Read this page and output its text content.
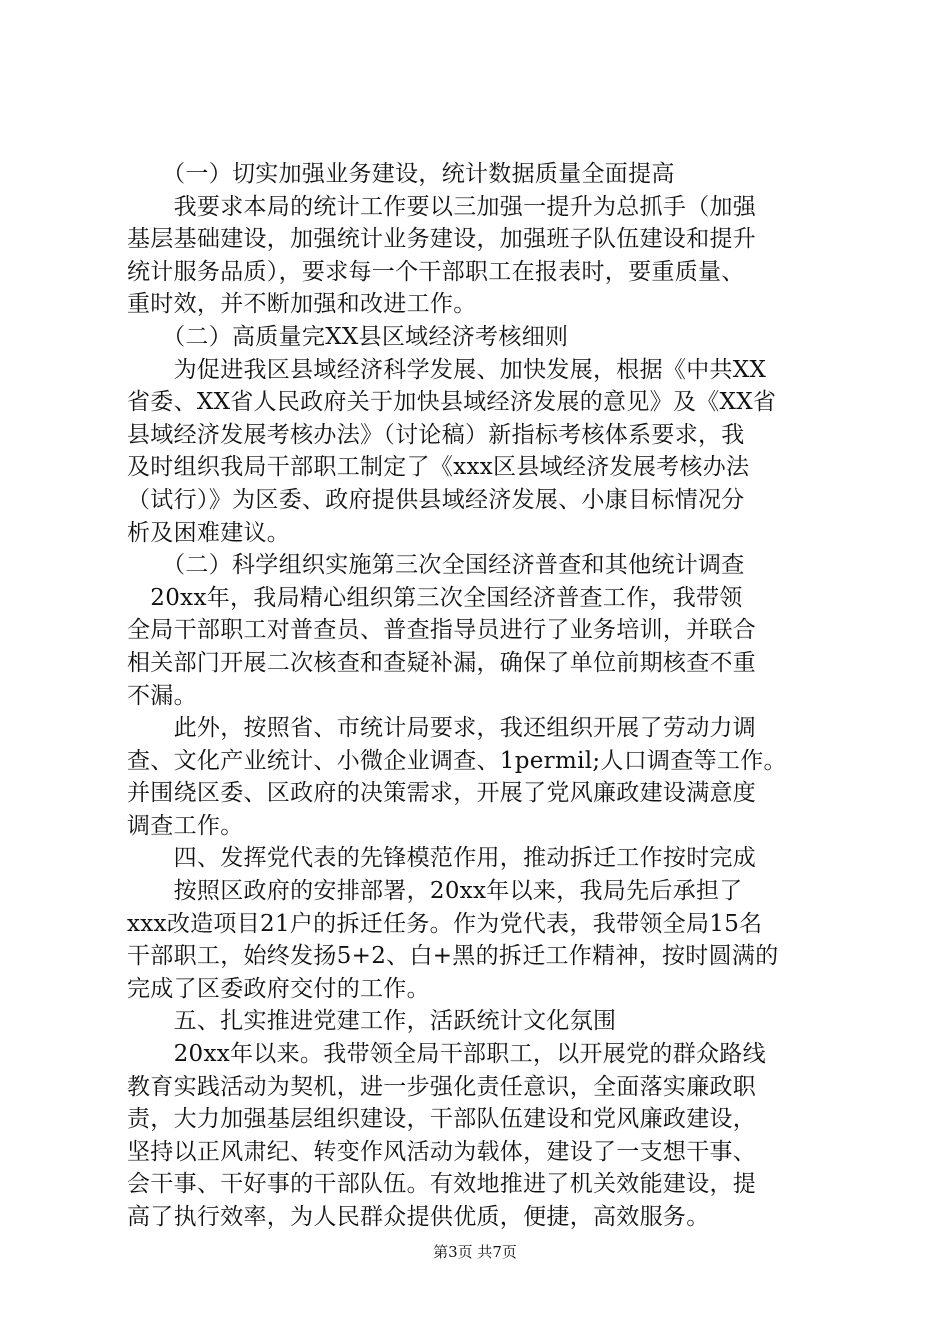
　　（一）切实加强业务建设，统计数据质量全面提高
　　我要求本局的统计工作要以三加强一提升为总抓手（加强
基层基础建设，加强统计业务建设，加强班子队伍建设和提升
统计服务品质），要求每一个干部职工在报表时，要重质量、
重时效，并不断加强和改进工作。
　　（二）高质量完XX县区域经济考核细则
　　为促进我区县域经济科学发展、加快发展，根据《中共XX
省委、XX省人民政府关于加快县域经济发展的意见》及《XX省
县域经济发展考核办法》（讨论稿）新指标考核体系要求，我
及时组织我局干部职工制定了《xxx区县域经济发展考核办法
（试行）》为区委、政府提供县域经济发展、小康目标情况分
析及困难建议。
　　（二）科学组织实施第三次全国经济普查和其他统计调查
　20xx年，我局精心组织第三次全国经济普查工作，我带领
全局干部职工对普查员、普查指导员进行了业务培训，并联合
相关部门开展二次核查和查疑补漏，确保了单位前期核查不重
不漏。
　　此外，按照省、市统计局要求，我还组织开展了劳动力调
查、文化产业统计、小微企业调查、1permil;人口调查等工作。
并围绕区委、区政府的决策需求，开展了党风廉政建设满意度
调查工作。
　　四、发挥党代表的先锋模范作用，推动拆迁工作按时完成
　　按照区政府的安排部署，20xx年以来，我局先后承担了
xxx改造项目21户的拆迁任务。作为党代表，我带领全局15名
干部职工，始终发扬5+2、白+黑的拆迁工作精神，按时圆满的
完成了区委政府交付的工作。
　　五、扎实推进党建工作，活跃统计文化氛围
　　20xx年以来。我带领全局干部职工，以开展党的群众路线
教育实践活动为契机，进一步强化责任意识，全面落实廉政职
责，大力加强基层组织建设，干部队伍建设和党风廉政建设，
坚持以正风肃纪、转变作风活动为载体，建设了一支想干事、
会干事、干好事的干部队伍。有效地推进了机关效能建设，提
高了执行效率，为人民群众提供优质，便捷，高效服务。
第3页 共7页
